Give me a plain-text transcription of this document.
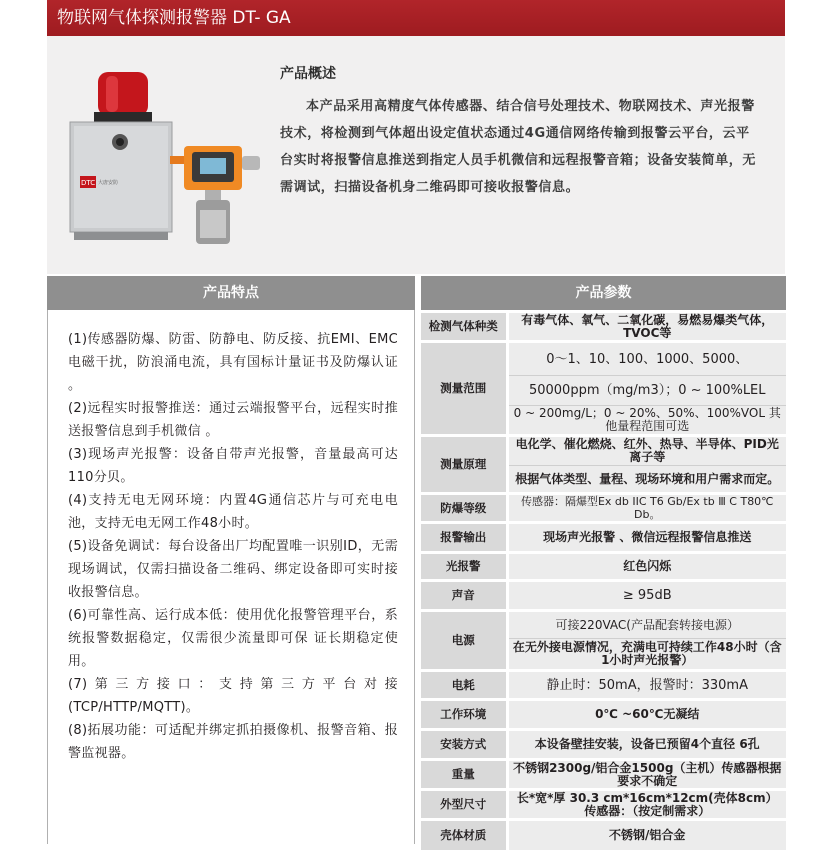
物联网气体探测报警器 DT- GA
DTC 大唐安防
产品概述
本产品采用高精度气体传感器、结合信号处理技术、物联网技术、声光报警技术，将检测到气体超出设定值状态通过4G通信网络传输到报警云平台，云平台实时将报警信息推送到指定人员手机微信和远程报警音箱；设备安装简单，无需调试，扫描设备机身二维码即可接收报警信息。
产品特点	产品参数

(1)传感器防爆、防雷、防静电、防反接、抗EMI、EMC电磁干扰，防浪涌电流，具有国标计量证书及防爆认证 。

(2)远程实时报警推送：通过云端报警平台，远程实时推送报警信息到手机微信 。

(3)现场声光报警：设备自带声光报警，音量最高可达110分贝。

(4)支持无电无网环境：内置4G通信芯片与可充电电池，支持无电无网工作48小时。

(5)设备免调试：每台设备出厂均配置唯一识别ID，无需现场调试，仅需扫描设备二维码、绑定设备即可实时接收报警信息。

(6)可靠性高、运行成本低：使用优化报警管理平台，系统报警数据稳定，仅需很少流量即可保 证长期稳定使用。

(7)第三方接口：支持第三方平台对接(TCP/HTTP/MQTT)。

(8)拓展功能：可适配并绑定抓拍摄像机、报警音箱、报警监视器。

检测气体种类	有毒气体、氧气、二氧化碳，易燃易爆类气体，TVOC等
测量范围	0～1、10、100、1000、5000、
	50000ppm（mg/m3）；0 ~ 100%LEL
	0 ~ 200mg/L；0 ~ 20%、50%、100%VOL 其他量程范围可选
测量原理	电化学、催化燃烧、红外、热导、半导体、PID光离子等
	根据气体类型、量程、现场环境和用户需求而定。
防爆等级	传感器：隔爆型Ex db IIC T6 Gb/Ex tb Ⅲ C T80℃ Db。
报警输出	现场声光报警 、微信远程报警信息推送
光报警	红色闪烁
声音	≥ 95dB
电源	可接220VAC(产品配套转接电源）
	在无外接电源情况，充满电可持续工作48小时（含1小时声光报警）
电耗	静止时：50mA，报警时：330mA
工作环境	0℃ ~60℃无凝结
安装方式	本设备壁挂安装，设备已预留4个直径 6孔
重量	不锈钢2300g/铝合金1500g（主机）传感器根据要求不确定
外型尺寸	长*宽*厚 30.3 cm*16cm*12cm(壳体8cm）传感器：（按定制需求）
壳体材质	不锈钢/铝合金
